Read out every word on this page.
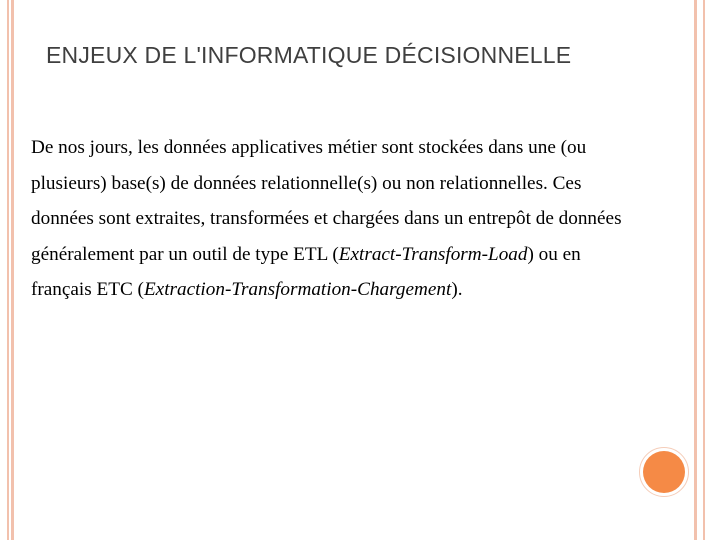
ENJEUX DE L'INFORMATIQUE DÉCISIONNELLE

De nos jours, les données applicatives métier sont stockées dans une (ou plusieurs) base(s) de données relationnelle(s) ou non relationnelles. Ces données sont extraites, transformées et chargées dans un entrepôt de données généralement par un outil de type ETL (Extract-Transform-Load) ou en français ETC (Extraction-Transformation-Chargement).
